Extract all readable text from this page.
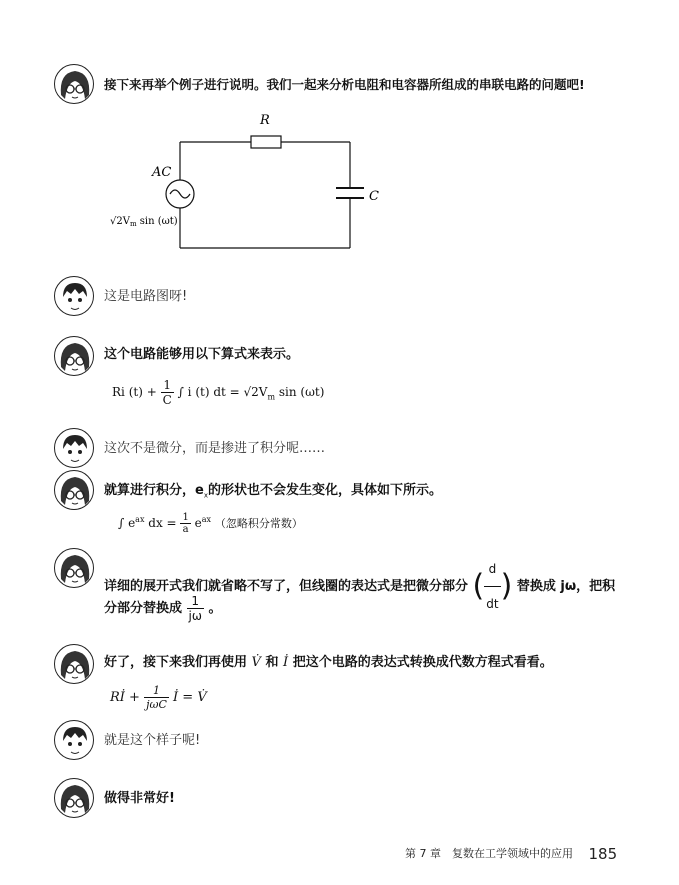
接下来再举个例子进行说明。我们一起来分析电阻和电容器所组成的串联电路的问题吧!
R
AC
C
$√2V_m$ sin (ωt)
这是电路图呀!
这个电路能够用以下算式来表示。
Ri $(t) + \frac{1}{C}$ ∫ i (t) dt = $√2V_m$ sin (ωt)
这次不是微分，而是掺进了积分呢……
就算进行积分，$e_x$的形状也不会发生变化，具体如下所示。
∫ $e^{ax}$ dx = $\frac{1}{a} e^{ax}$ （忽略积分常数）
详细的展开式我们就省略不写了，但线圈的表达式是把微分部分 ( $\frac{d}{dt}$ ) 替换成 jω，把积
分部分替换成 $\frac{1}{j\omega}$ 。
好了，接下来我们再使用 V̇ 和 İ 把这个电路的表达式转换成代数方程式看看。
Rİ + $\frac{1}{\text{jωC}}$ İ = V̇
就是这个样子呢!
做得非常好!
第 7 章　复数在工学领域中的应用 185
